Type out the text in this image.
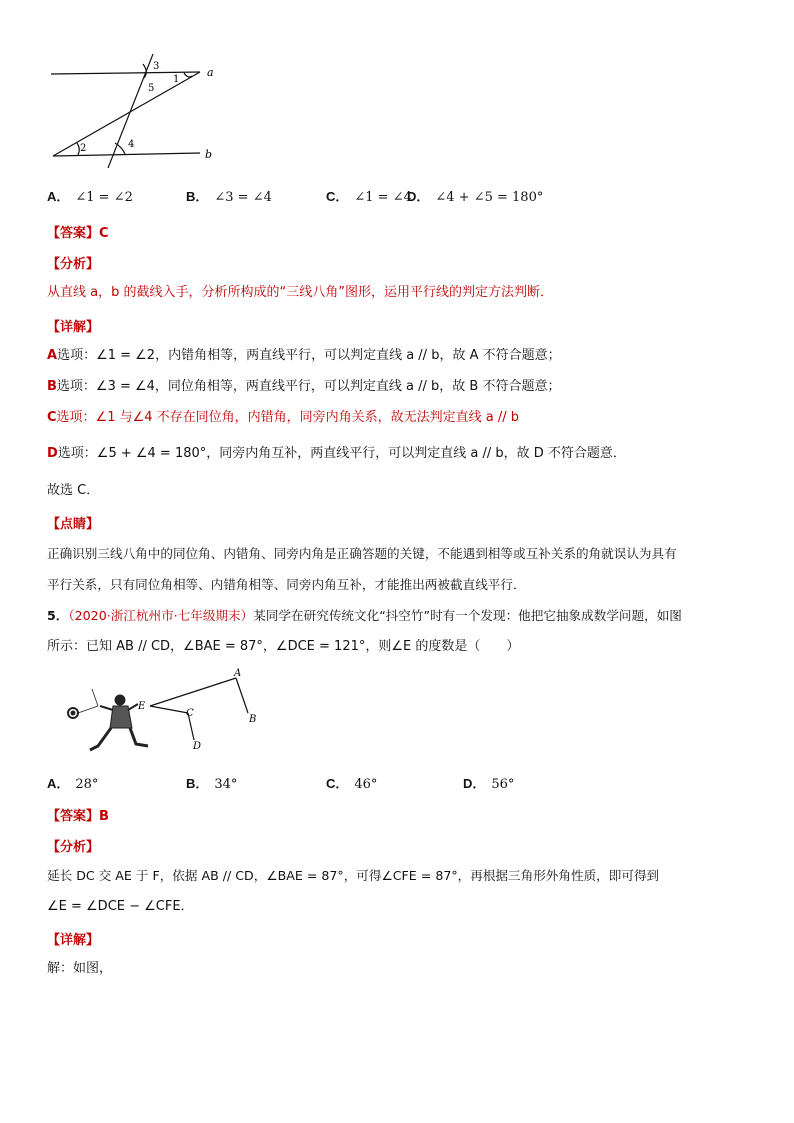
a
b
1
2
3
4
5
A． ∠1 = ∠2	B． ∠3 = ∠4	C． ∠1 = ∠4
D． ∠4 + ∠5 = 180°
【答案】C
【分析】
从直线 a，b 的截线入手，分析所构成的“三线八角”图形，运用平行线的判定方法判断．
【详解】
A选项：∠1 = ∠2，内错角相等，两直线平行，可以判定直线 a // b，故 A 不符合题意；
B选项：∠3 = ∠4，同位角相等，两直线平行，可以判定直线 a // b，故 B 不符合题意；
C选项：∠1 与∠4 不存在同位角，内错角，同旁内角关系，故无法判定直线 a // b
D选项：∠5 + ∠4 = 180°，同旁内角互补，两直线平行，可以判定直线 a // b，故 D 不符合题意．
故选 C．
【点睛】
正确识别三线八角中的同位角、内错角、同旁内角是正确答题的关键，不能遇到相等或互补关系的角就误认为具有
平行关系，只有同位角相等、内错角相等、同旁内角互补，才能推出两被截直线平行．
5．（2020·浙江杭州市·七年级期末）某同学在研究传统文化“抖空竹”时有一个发现：他把它抽象成数学问题，如图
所示：已知 AB // CD，∠BAE = 87°，∠DCE = 121°，则∠E 的度数是（　　）
A
B
C
D
E
A． 28°	B． 34°	C． 46°	D． 56°
【答案】B
【分析】
延长 DC 交 AE 于 F，依据 AB // CD，∠BAE = 87°，可得∠CFE = 87°，再根据三角形外角性质，即可得到
∠E = ∠DCE − ∠CFE．
【详解】
解：如图，
